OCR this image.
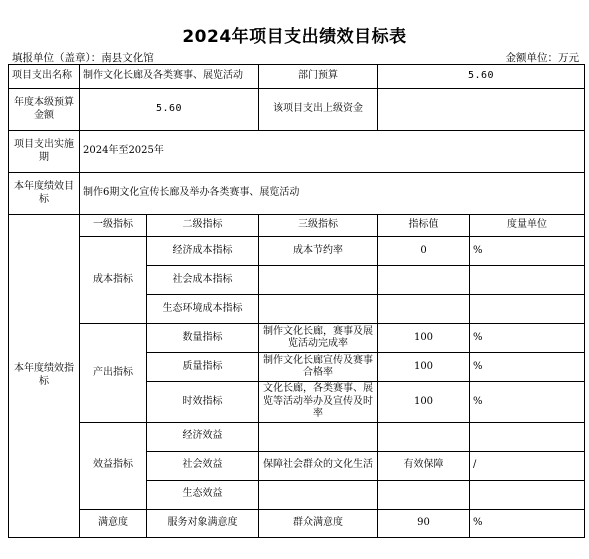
2024年项目支出绩效目标表
填报单位（盖章）：南县文化馆	金额单位：万元
项目支出名称	制作文化长廊及各类赛事、展览活动		部门预算	5.60	
年度本级预算金额	5.60		该项目支出上级资金		
项目支出实施期	2024年至2025年				
本年度绩效目标	制作6期文化宣传长廊及举办各类赛事、展览活动				
本年度绩效指标	一级指标	二级指标	三级指标	指标值	度量单位
	成本指标	经济成本指标	成本节约率	0	%
		社会成本指标			
		生态环境成本指标			
	产出指标	数量指标	制作文化长廊，赛事及展览活动完成率	100	%
		质量指标	制作文化长廊宣传及赛事合格率	100	%
		时效指标	文化长廊，各类赛事、展览等活动举办及宣传及时率	100	%
	效益指标	经济效益			
		社会效益	保障社会群众的文化生活	有效保障	/
		生态效益			
	满意度	服务对象满意度	群众满意度	90	%
